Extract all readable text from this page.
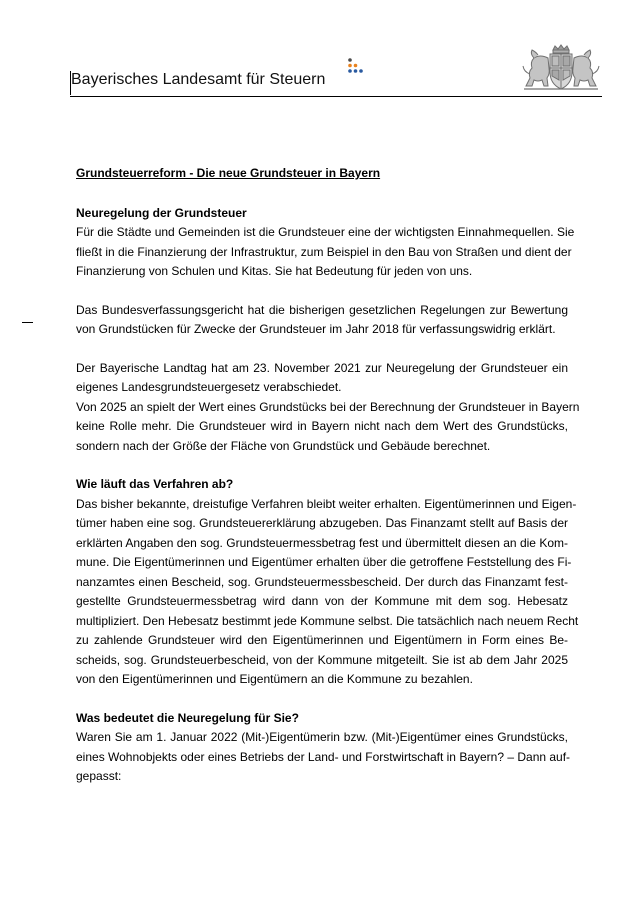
Bayerisches Landesamt für Steuern

Grundsteuerreform - Die neue Grundsteuer in Bayern

Neuregelung der Grundsteuer

Für die Städte und Gemeinden ist die Grundsteuer eine der wichtigsten Einnahmequellen. Sie
fließt in die Finanzierung der Infrastruktur, zum Beispiel in den Bau von Straßen und dient der
Finanzierung von Schulen und Kitas. Sie hat Bedeutung für jeden von uns.

Das Bundesverfassungsgericht hat die bisherigen gesetzlichen Regelungen zur Bewertung
von Grundstücken für Zwecke der Grundsteuer im Jahr 2018 für verfassungswidrig erklärt.

Der Bayerische Landtag hat am 23. November 2021 zur Neuregelung der Grundsteuer ein
eigenes Landesgrundsteuergesetz verabschiedet.
Von 2025 an spielt der Wert eines Grundstücks bei der Berechnung der Grundsteuer in Bayern
keine Rolle mehr. Die Grundsteuer wird in Bayern nicht nach dem Wert des Grundstücks,
sondern nach der Größe der Fläche von Grundstück und Gebäude berechnet.

Wie läuft das Verfahren ab?

Das bisher bekannte, dreistufige Verfahren bleibt weiter erhalten. Eigentümerinnen und Eigen-
tümer haben eine sog. Grundsteuererklärung abzugeben. Das Finanzamt stellt auf Basis der
erklärten Angaben den sog. Grundsteuermessbetrag fest und übermittelt diesen an die Kom-
mune. Die Eigentümerinnen und Eigentümer erhalten über die getroffene Feststellung des Fi-
nanzamtes einen Bescheid, sog. Grundsteuermessbescheid. Der durch das Finanzamt fest-
gestellte Grundsteuermessbetrag wird dann von der Kommune mit dem sog. Hebesatz
multipliziert. Den Hebesatz bestimmt jede Kommune selbst. Die tatsächlich nach neuem Recht
zu zahlende Grundsteuer wird den Eigentümerinnen und Eigentümern in Form eines Be-
scheids, sog. Grundsteuerbescheid, von der Kommune mitgeteilt. Sie ist ab dem Jahr 2025
von den Eigentümerinnen und Eigentümern an die Kommune zu bezahlen.

Was bedeutet die Neuregelung für Sie?

Waren Sie am 1. Januar 2022 (Mit-)Eigentümerin bzw. (Mit-)Eigentümer eines Grundstücks,
eines Wohnobjekts oder eines Betriebs der Land- und Forstwirtschaft in Bayern? – Dann auf-
gepasst:
